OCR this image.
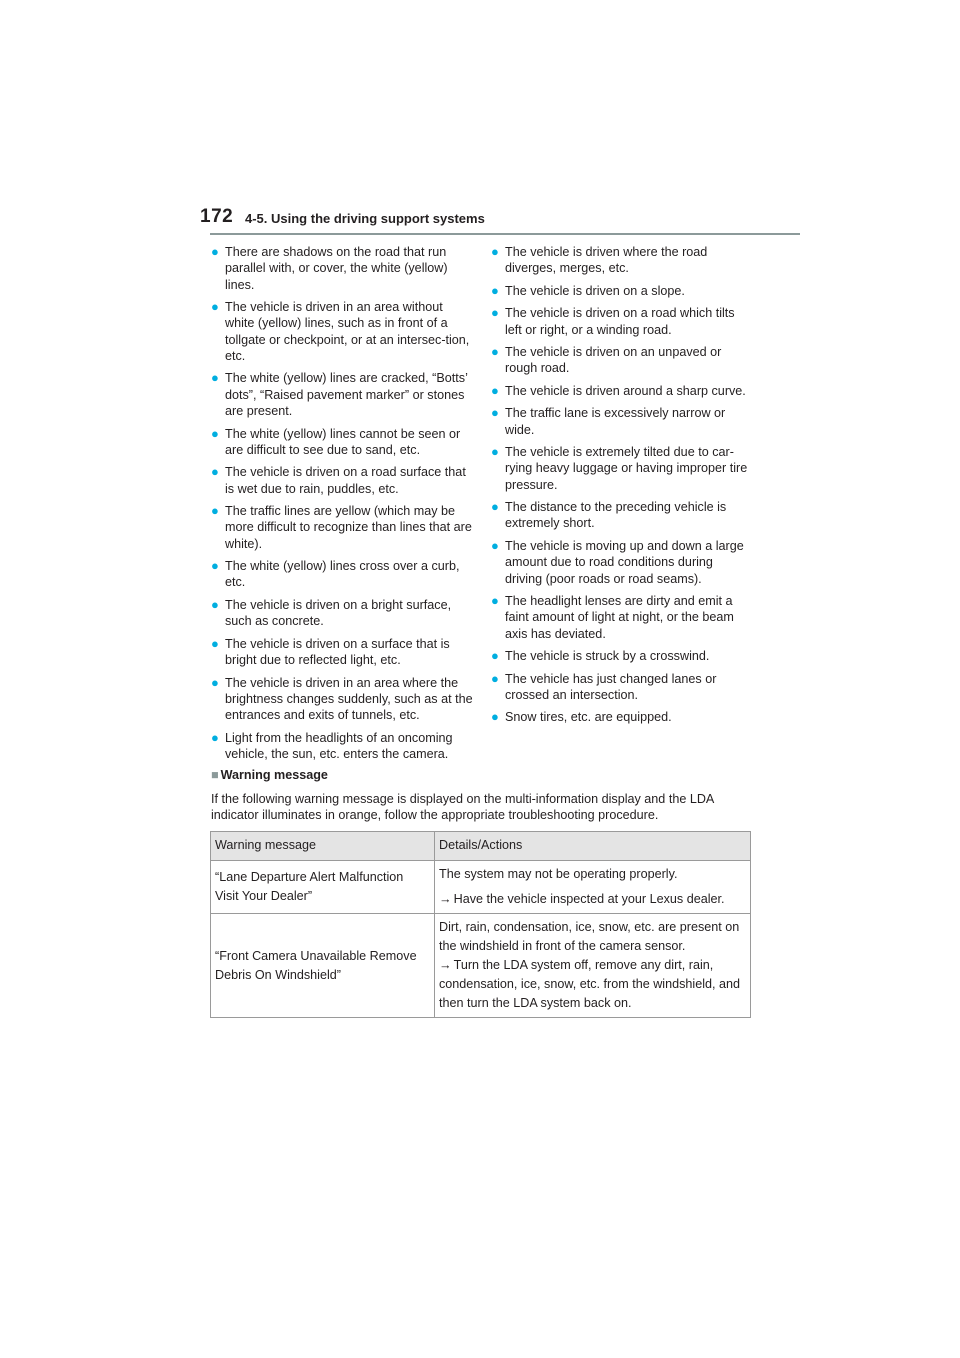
172 4-5. Using the driving support systems
● There are shadows on the road that run parallel with, or cover, the white (yellow) lines.
● The vehicle is driven in an area without white (yellow) lines, such as in front of a tollgate or checkpoint, or at an intersec-tion, etc.
● The white (yellow) lines are cracked, “Botts’ dots”, “Raised pavement marker” or stones are present.
● The white (yellow) lines cannot be seen or are difficult to see due to sand, etc.
● The vehicle is driven on a road surface that is wet due to rain, puddles, etc.
● The traffic lines are yellow (which may be more difficult to recognize than lines that are white).
● The white (yellow) lines cross over a curb, etc.
● The vehicle is driven on a bright surface, such as concrete.
● The vehicle is driven on a surface that is bright due to reflected light, etc.
● The vehicle is driven in an area where the brightness changes suddenly, such as at the entrances and exits of tunnels, etc.
● Light from the headlights of an oncoming vehicle, the sun, etc. enters the camera.
● The vehicle is driven where the road diverges, merges, etc.
● The vehicle is driven on a slope.
● The vehicle is driven on a road which tilts left or right, or a winding road.
● The vehicle is driven on an unpaved or rough road.
● The vehicle is driven around a sharp curve.
● The traffic lane is excessively narrow or wide.
● The vehicle is extremely tilted due to car-rying heavy luggage or having improper tire pressure.
● The distance to the preceding vehicle is extremely short.
● The vehicle is moving up and down a large amount due to road conditions during driving (poor roads or road seams).
● The headlight lenses are dirty and emit a faint amount of light at night, or the beam axis has deviated.
● The vehicle is struck by a crosswind.
● The vehicle has just changed lanes or crossed an intersection.
● Snow tires, etc. are equipped.
■ Warning message
If the following warning message is displayed on the multi-information display and the LDA indicator illuminates in orange, follow the appropriate troubleshooting procedure.
Warning message	Details/Actions
“Lane Departure Alert Malfunction Visit Your Dealer”	The system may not be operating properly.
→ Have the vehicle inspected at your Lexus dealer.
“Front Camera Unavailable Remove Debris On Windshield”	Dirt, rain, condensation, ice, snow, etc. are present on the windshield in front of the camera sensor.
→ Turn the LDA system off, remove any dirt, rain, condensation, ice, snow, etc. from the windshield, and then turn the LDA system back on.
